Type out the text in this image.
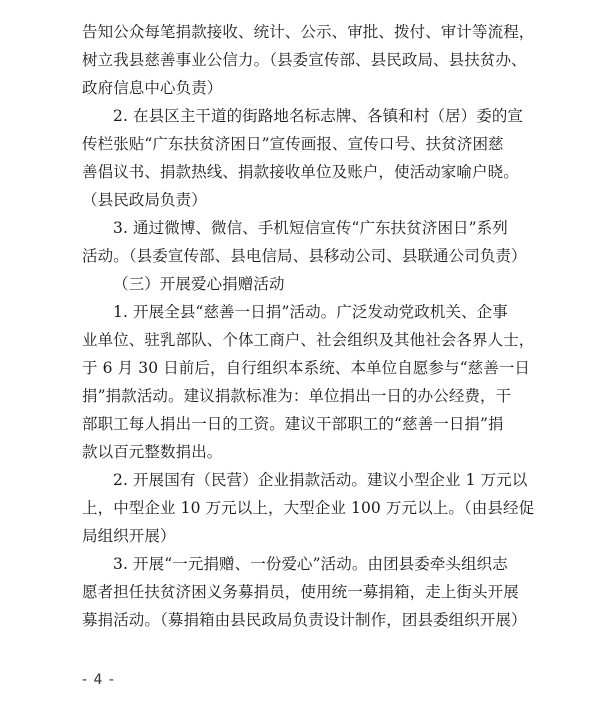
告知公众每笔捐款接收、统计、公示、审批、拨付、审计等流程，
树立我县慈善事业公信力。（县委宣传部、县民政局、县扶贫办、
政府信息中心负责）
2. 在县区主干道的街路地名标志牌、各镇和村（居）委的宣
传栏张贴“广东扶贫济困日”宣传画报、宣传口号、扶贫济困慈
善倡议书、捐款热线、捐款接收单位及账户，使活动家喻户晓。
（县民政局负责）
3. 通过微博、微信、手机短信宣传“广东扶贫济困日”系列
活动。（县委宣传部、县电信局、县移动公司、县联通公司负责）
（三）开展爱心捐赠活动
1. 开展全县“慈善一日捐”活动。广泛发动党政机关、企事
业单位、驻乳部队、个体工商户、社会组织及其他社会各界人士，
于 6 月 30 日前后，自行组织本系统、本单位自愿参与“慈善一日
捐”捐款活动。建议捐款标准为：单位捐出一日的办公经费，干
部职工每人捐出一日的工资。建议干部职工的“慈善一日捐”捐
款以百元整数捐出。
2. 开展国有（民营）企业捐款活动。建议小型企业 1 万元以
上，中型企业 10 万元以上，大型企业 100 万元以上。（由县经促
局组织开展）
3. 开展“一元捐赠、一份爱心”活动。由团县委牵头组织志
愿者担任扶贫济困义务募捐员，使用统一募捐箱，走上街头开展
募捐活动。（募捐箱由县民政局负责设计制作，团县委组织开展）
- 4 -
